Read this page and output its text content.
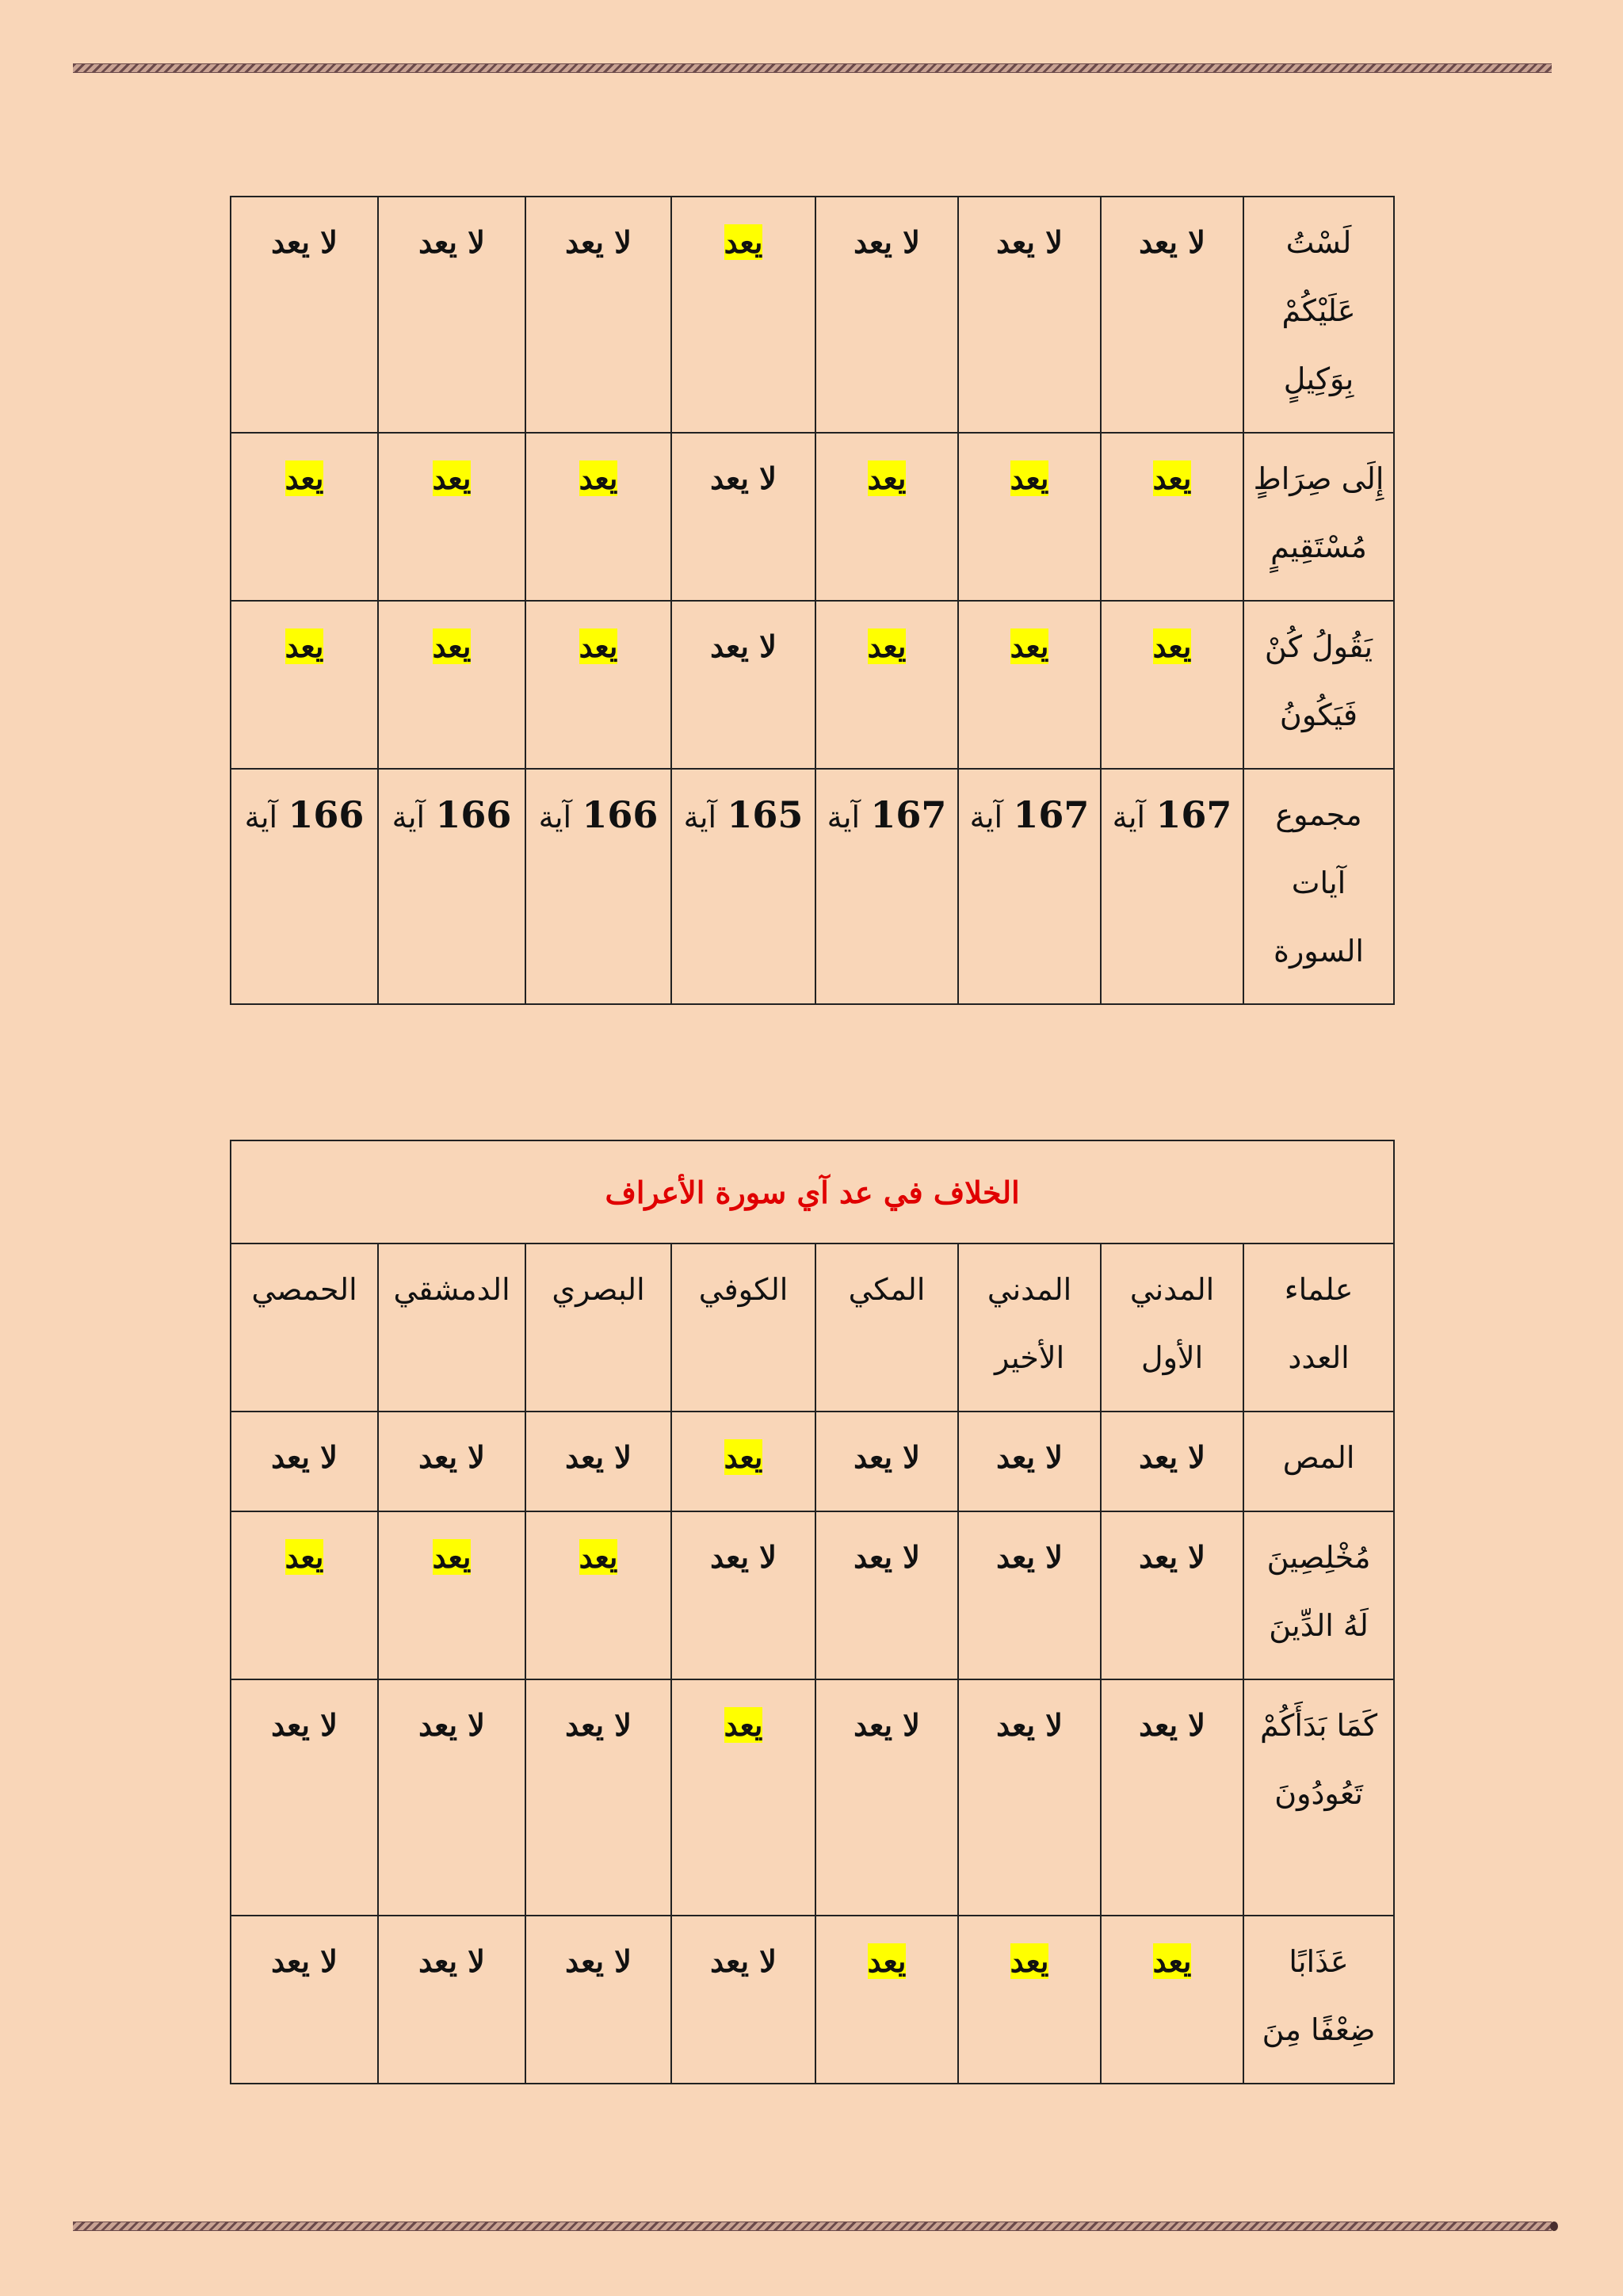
لَسْتُ عَلَيْكُمْ بِوَكِيلٍ	لا يعد	لا يعد	لا يعد	يعد	لا يعد	لا يعد	لا يعد
إِلَى صِرَاطٍ مُسْتَقِيمٍ	يعد	يعد	يعد	لا يعد	يعد	يعد	يعد
يَقُولُ كُنْ فَيَكُونُ	يعد	يعد	يعد	لا يعد	يعد	يعد	يعد
مجموع آيات السورة	167 آية	167 آية	167 آية	165 آية	166 آية	166 آية	166 آية
الخلاف في عد آي سورة الأعراف							
علماء العدد	المدني الأول	المدني الأخير	المكي	الكوفي	البصري	الدمشقي	الحمصي
المص	لا يعد	لا يعد	لا يعد	يعد	لا يعد	لا يعد	لا يعد
مُخْلِصِينَ لَهُ الدِّينَ	لا يعد	لا يعد	لا يعد	لا يعد	يعد	يعد	يعد
كَمَا بَدَأَكُمْ تَعُودُونَ	لا يعد	لا يعد	لا يعد	يعد	لا يعد	لا يعد	لا يعد
عَذَابًا ضِعْفًا مِنَ	يعد	يعد	يعد	لا يعد	لا يعد	لا يعد	لا يعد
